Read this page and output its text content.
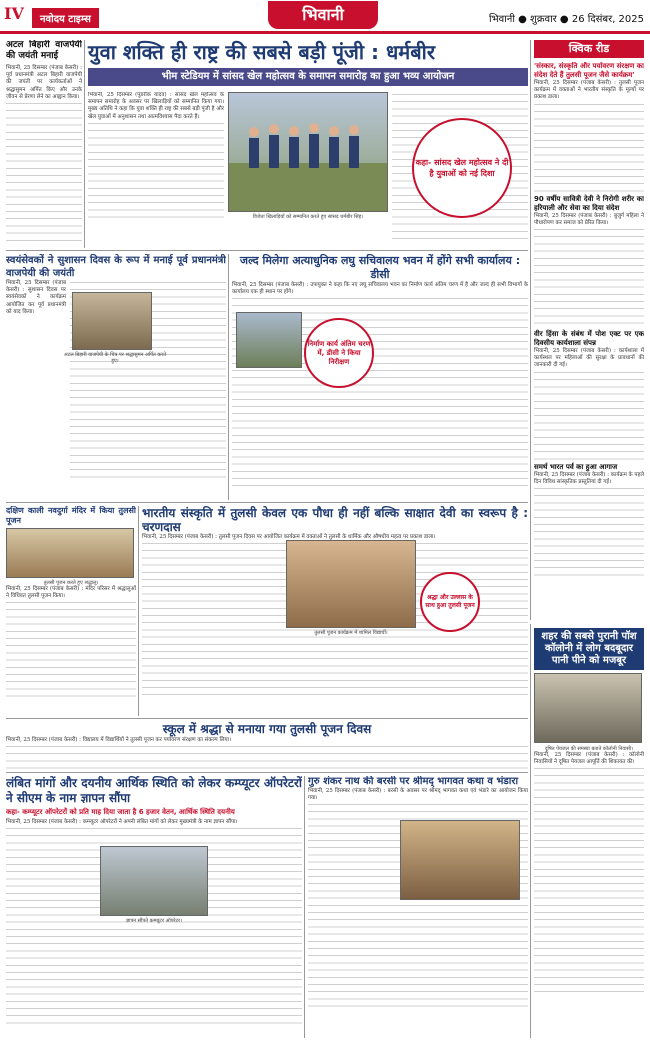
IV	नवोदय टाइम्स	भिवानी	भिवानी ● शुक्रवार ● 26 दिसंबर, 2025
अटल बिहारी वाजपेयी की जयंती मनाई
भिवानी, 25 दिसम्बर (पंजाब केसरी) : पूर्व प्रधानमंत्री अटल बिहारी वाजपेयी की जयंती पर कार्यकर्ताओं ने श्रद्धासुमन अर्पित किए और उनके जीवन से प्रेरणा लेने का आह्वान किया।
युवा शक्ति ही राष्ट्र की सबसे बड़ी पूंजी : धर्मबीर
भीम स्टेडियम में सांसद खेल महोत्सव के समापन समारोह का हुआ भव्य आयोजन
भिवानी, 25 दिसम्बर (पुंडरीक यादव) : सांसद खेल महोत्सव के समापन समारोह के अवसर पर खिलाड़ियों को सम्मानित किया गया। मुख्य अतिथि ने कहा कि युवा शक्ति ही राष्ट्र की सबसे बड़ी पूंजी है और खेल युवाओं में अनुशासन तथा आत्मविश्वास पैदा करते हैं।
विजेता खिलाड़ियों को सम्मानित करते हुए सांसद धर्मबीर सिंह।
कहा- सांसद खेल महोत्सव ने दी है युवाओं को नई दिशा
क्विक रीड
'संस्कार, संस्कृति और पर्यावरण संरक्षण का संदेश देते हैं तुलसी पूजन जैसे कार्यक्रम'
भिवानी, 25 दिसम्बर (पंजाब केसरी) : तुलसी पूजन कार्यक्रम में वक्ताओं ने भारतीय संस्कृति के मूल्यों पर प्रकाश डाला।
90 वर्षीय सावित्री देवी ने निरोगी शरीर का हरियाली और सेवा का दिया संदेश
भिवानी, 25 दिसम्बर (पंजाब केसरी) : बुजुर्ग महिला ने पौधारोपण कर समाज को प्रेरित किया।
वीर हिंसा के संबंध में पोश एक्ट पर एक दिवसीय कार्यशाला संपन्न
भिवानी, 25 दिसम्बर (पंजाब केसरी) : कार्यशाला में कार्यस्थल पर महिलाओं की सुरक्षा के प्रावधानों की जानकारी दी गई।
समर्थ भारत पर्व का हुआ आगाज
भिवानी, 25 दिसम्बर (पंजाब केसरी) : कार्यक्रम के पहले दिन विविध सांस्कृतिक प्रस्तुतियां दी गईं।
स्वयंसेवकों ने सुशासन दिवस के रूप में मनाई पूर्व प्रधानमंत्री वाजपेयी की जयंती
भिवानी, 25 दिसम्बर (पंजाब केसरी) : सुशासन दिवस पर स्वयंसेवकों ने कार्यक्रम आयोजित कर पूर्व प्रधानमंत्री को याद किया।
अटल बिहारी वाजपेयी के चित्र पर श्रद्धासुमन अर्पित करते हुए।
जल्द मिलेगा अत्याधुनिक लघु सचिवालय भवन में होंगे सभी कार्यालय : डीसी
भिवानी, 25 दिसम्बर (पंजाब केसरी) : उपायुक्त ने कहा कि नए लघु सचिवालय भवन का निर्माण कार्य अंतिम चरण में है और जल्द ही सभी विभागों के कार्यालय एक ही स्थान पर होंगे।
निर्माण कार्य अंतिम चरण में, डीसी ने किया निरीक्षण
दक्षिण काली नवदुर्गा मंदिर में किया तुलसी पूजन
तुलसी पूजन करते हुए श्रद्धालु।
भिवानी, 25 दिसम्बर (पंजाब केसरी) : मंदिर परिसर में श्रद्धालुओं ने विधिवत तुलसी पूजन किया।
भारतीय संस्कृति में तुलसी केवल एक पौधा ही नहीं बल्कि साक्षात देवी का स्वरूप है : चरणदास
भिवानी, 25 दिसम्बर (पंजाब केसरी) : तुलसी पूजन दिवस पर आयोजित कार्यक्रम में वक्ताओं ने तुलसी के धार्मिक और औषधीय महत्व पर प्रकाश डाला।
तुलसी पूजन कार्यक्रम में शामिल विद्यार्थी।
श्रद्धा और उल्लास के साथ हुआ तुलसी पूजन
स्कूल में श्रद्धा से मनाया गया तुलसी पूजन दिवस
भिवानी, 25 दिसम्बर (पंजाब केसरी) : विद्यालय में विद्यार्थियों ने तुलसी पूजन कर पर्यावरण संरक्षण का संकल्प लिया।
लंबित मांगों और दयनीय आर्थिक स्थिति को लेकर कम्प्यूटर ऑपरेटरों ने सीएम के नाम ज्ञापन सौंपा
कहा- कम्प्यूटर ऑपरेटरों को प्रति माह दिया जाता है 6 हजार वेतन, आर्थिक स्थिति दयनीय
भिवानी, 25 दिसम्बर (पंजाब केसरी) : कम्प्यूटर ऑपरेटरों ने अपनी लंबित मांगों को लेकर मुख्यमंत्री के नाम ज्ञापन सौंपा।
ज्ञापन सौंपते कम्प्यूटर ऑपरेटर।
गुरु शंकर नाथ की बरसी पर श्रीमद् भागवत कथा व भंडारा
भिवानी, 25 दिसम्बर (पंजाब केसरी) : बरसी के अवसर पर श्रीमद् भागवत कथा एवं भंडारे का आयोजन किया गया।
शहर की सबसे पुरानी पॉश कॉलोनी में लोग बदबूदार पानी पीने को मजबूर
दूषित पेयजल की समस्या बताते कॉलोनी निवासी।
भिवानी, 25 दिसम्बर (पंजाब केसरी) : कॉलोनी निवासियों ने दूषित पेयजल आपूर्ति की शिकायत की।
